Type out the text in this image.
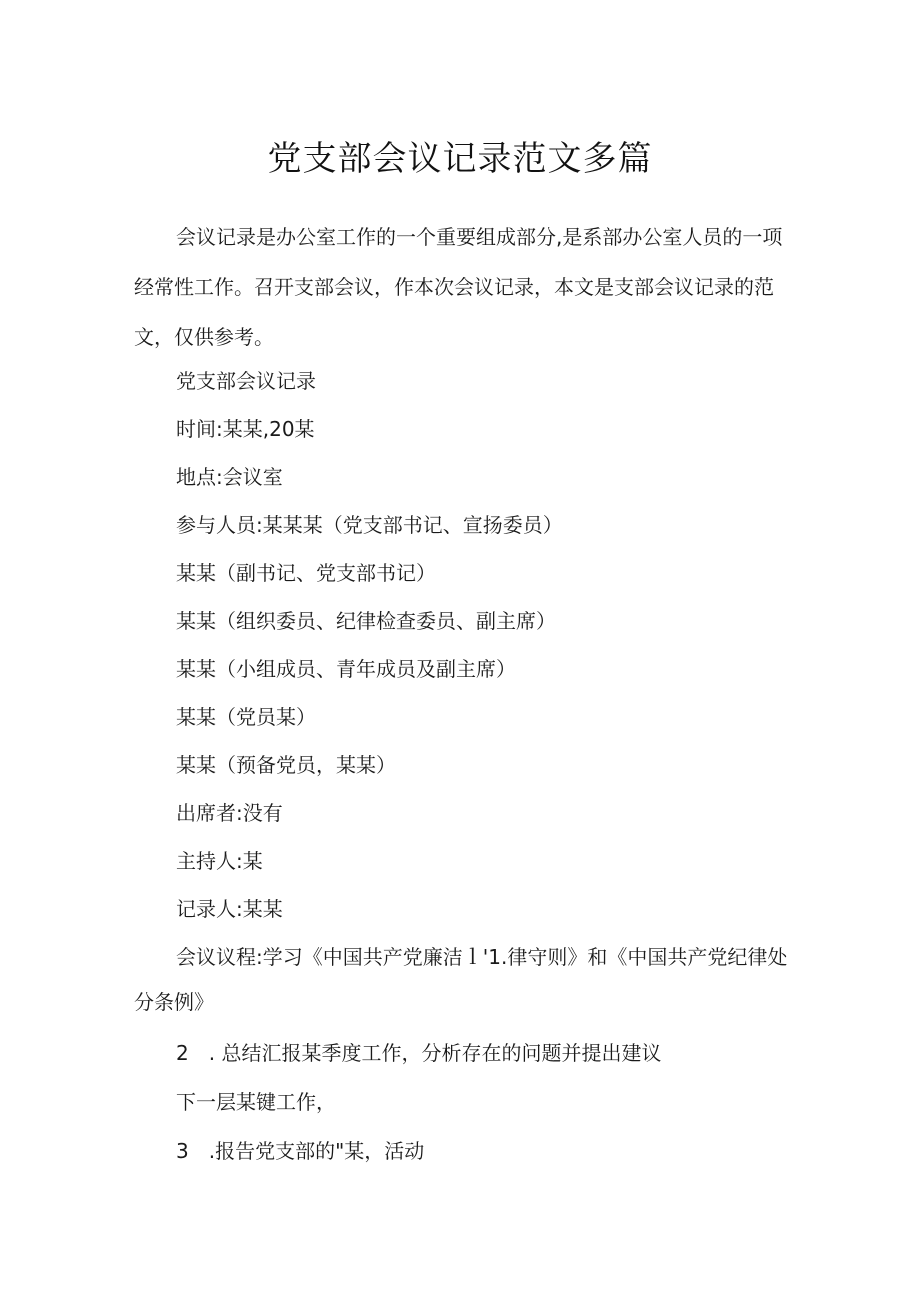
党支部会议记录范文多篇
会议记录是办公室工作的一个重要组成部分,是系部办公室人员的一项经常性工作。召开支部会议，作本次会议记录，本文是支部会议记录的范文，仅供参考。
党支部会议记录
时间:某某,20某
地点:会议室
参与人员:某某某（党支部书记、宣扬委员）
某某（副书记、党支部书记）
某某（组织委员、纪律检查委员、副主席）
某某（小组成员、青年成员及副主席）
某某（党员某）
某某（预备党员，某某）
出席者:没有
主持人:某
记录人:某某
会议议程:学习《中国共产党廉洁ｌ'1.律守则》和《中国共产党纪律处分条例》
2　. 总结汇报某季度工作，分析存在的问题并提出建议
下一层某键工作，
3　.报告党支部的"某，活动
